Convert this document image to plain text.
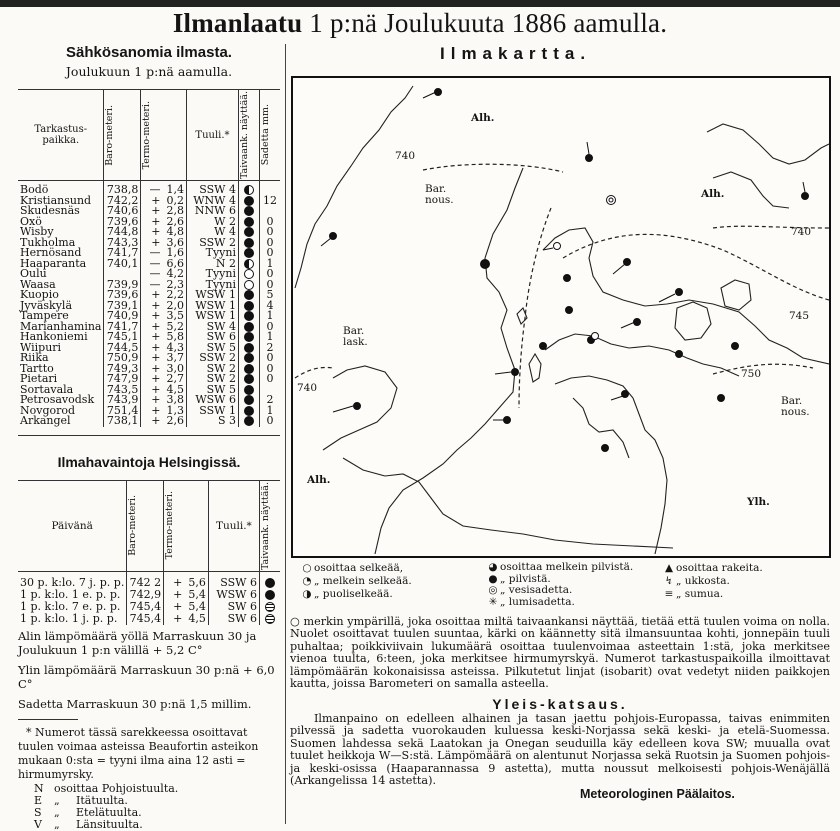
Ilmanlaatu 1 p:nä Joulukuuta 1886 aamulla.
Sähkösanomia ilmasta.
Joulukuun 1 p:nä aamulla.
Tarkastus-paikka.	Baro-meteri.	Termo-meteri.	Tuuli.*	Taivaank. näyttää.	Sadetta mm.

Bodö	738,8	— 1,4	SSW 4		
Kristiansund	742,2	+ 0,2	WNW 4		12
Skudesnäs	740,6	+ 2,8	NNW 6		
Oxö	739,6	+ 2,6	W 2		0
Wisby	744,8	+ 4,8	W 4		0
Tukholma	743,3	+ 3,6	SSW 2		0
Hernösand	741,7	— 1,6	Tyyni		0
Haaparanta	740,1	— 6,6	N 2		1
Oulu		— 4,2	Tyyni		0
Waasa	739,9	— 2,3	Tyyni		0
Kuopio	739,6	+ 2,2	WSW 1		5
Jyväskylä	739,1	+ 2,0	WSW 1		4
Tampere	740,9	+ 3,5	WSW 1		1
Marianhamina	741,7	+ 5,2	SW 4		0
Hankoniemi	745,1	+ 5,8	SW 6		1
Wiipuri	744,5	+ 4,3	SW 5		2
Riika	750,9	+ 3,7	SSW 2		0
Tartto	749,3	+ 3,0	SW 2		0
Pietari	747,9	+ 2,7	SW 2		0
Sortavala	743,5	+ 4,5	SW 5		
Petrosavodsk	743,9	+ 3,8	WSW 6		2
Novgorod	751,4	+ 1,3	SSW 1		1
Arkangel	738,1	+ 2,6	S 3		0
Ilmahavaintoja Helsingissä.
Päivänä	Baro-meteri.	Termo-meteri.	Tuuli.*	Taivaank. näyttää.

30 p. k:lo. 7 j. p. p.	742 2	+ 5,6	SSW 6	
1 p. k:lo. 1 e. p. p.	742,9	+ 5,4	WSW 6	
1 p. k:lo. 7 e. p. p.	745,4	+ 5,4	SW 6	
1 p. k:lo. 1 j. p. p.	745,4	+ 4,5	SW 6	
Alin lämpömäärä yöllä Marraskuun 30 ja Joulukuun 1 p:n välillä + 5,2 C°
Ylin lämpömäärä Marraskuun 30 p:nä + 6,0 C°
Sadetta Marraskuun 30 p:nä 1,5 millim.
* Numerot tässä sarekkeessa osoittavat tuulen voimaa asteissa Beaufortin asteikon mukaan 0:sta = tyyni ilma aina 12 asti = hirmumyrsky.
N osoittaa Pohjoistuulta.
E „Itätuulta.
S „Etelätuulta.
V „Länsituulta.
Ilmakartta.
Alh.
Alh.
Alh.
Ylh.
Bar. nous.
Bar. lask.
Bar. nous.
740
740
745
750
740
○ osoittaa selkeää,
◔ „ melkein selkeää.
◑ „ puoliselkeää.
◕ osoittaa melkein pilvistä.
● „ pilvistä.
◎ „ vesisadetta.
✳ „ lumisadetta.
▲ osoittaa rakeita.
↯ „ ukkosta.
≡ „ sumua.
○ merkin ympärillä, joka osoittaa miltä taivaankansi näyttää, tietää että tuulen voima on nolla. Nuolet osoittavat tuulen suuntaa, kärki on käännetty sitä ilmansuuntaa kohti, jonnepäin tuuli puhaltaa; poikkiviivain lukumäärä osoittaa tuulenvoimaa asteettain 1:stä, joka merkitsee vienoa tuulta, 6:teen, joka merkitsee hirmumyrskyä. Numerot tarkastuspaikoilla ilmoittavat lämpömäärän kokonaisissa asteissa. Pilkutetut linjat (isobarit) ovat vedetyt niiden paikkojen kautta, joissa Barometeri on samalla asteella.
Yleis-katsaus.
Ilmanpaino on edelleen alhainen ja tasan jaettu pohjois-Europassa, taivas enimmiten pilvessä ja sadetta vuorokauden kuluessa keski-Norjassa sekä keski- ja etelä-Suomessa. Suomen lahdessa sekä Laatokan ja Onegan seuduilla käy edelleen kova SW; muualla ovat tuulet heikkoja W—S:stä. Lämpömäärä on alentunut Norjassa sekä Ruotsin ja Suomen pohjois- ja keski-osissa (Haaparannassa 9 astetta), mutta noussut melkoisesti pohjois-Wenäjällä (Arkangelissa 14 astetta).
Meteorologinen Päälaitos.
